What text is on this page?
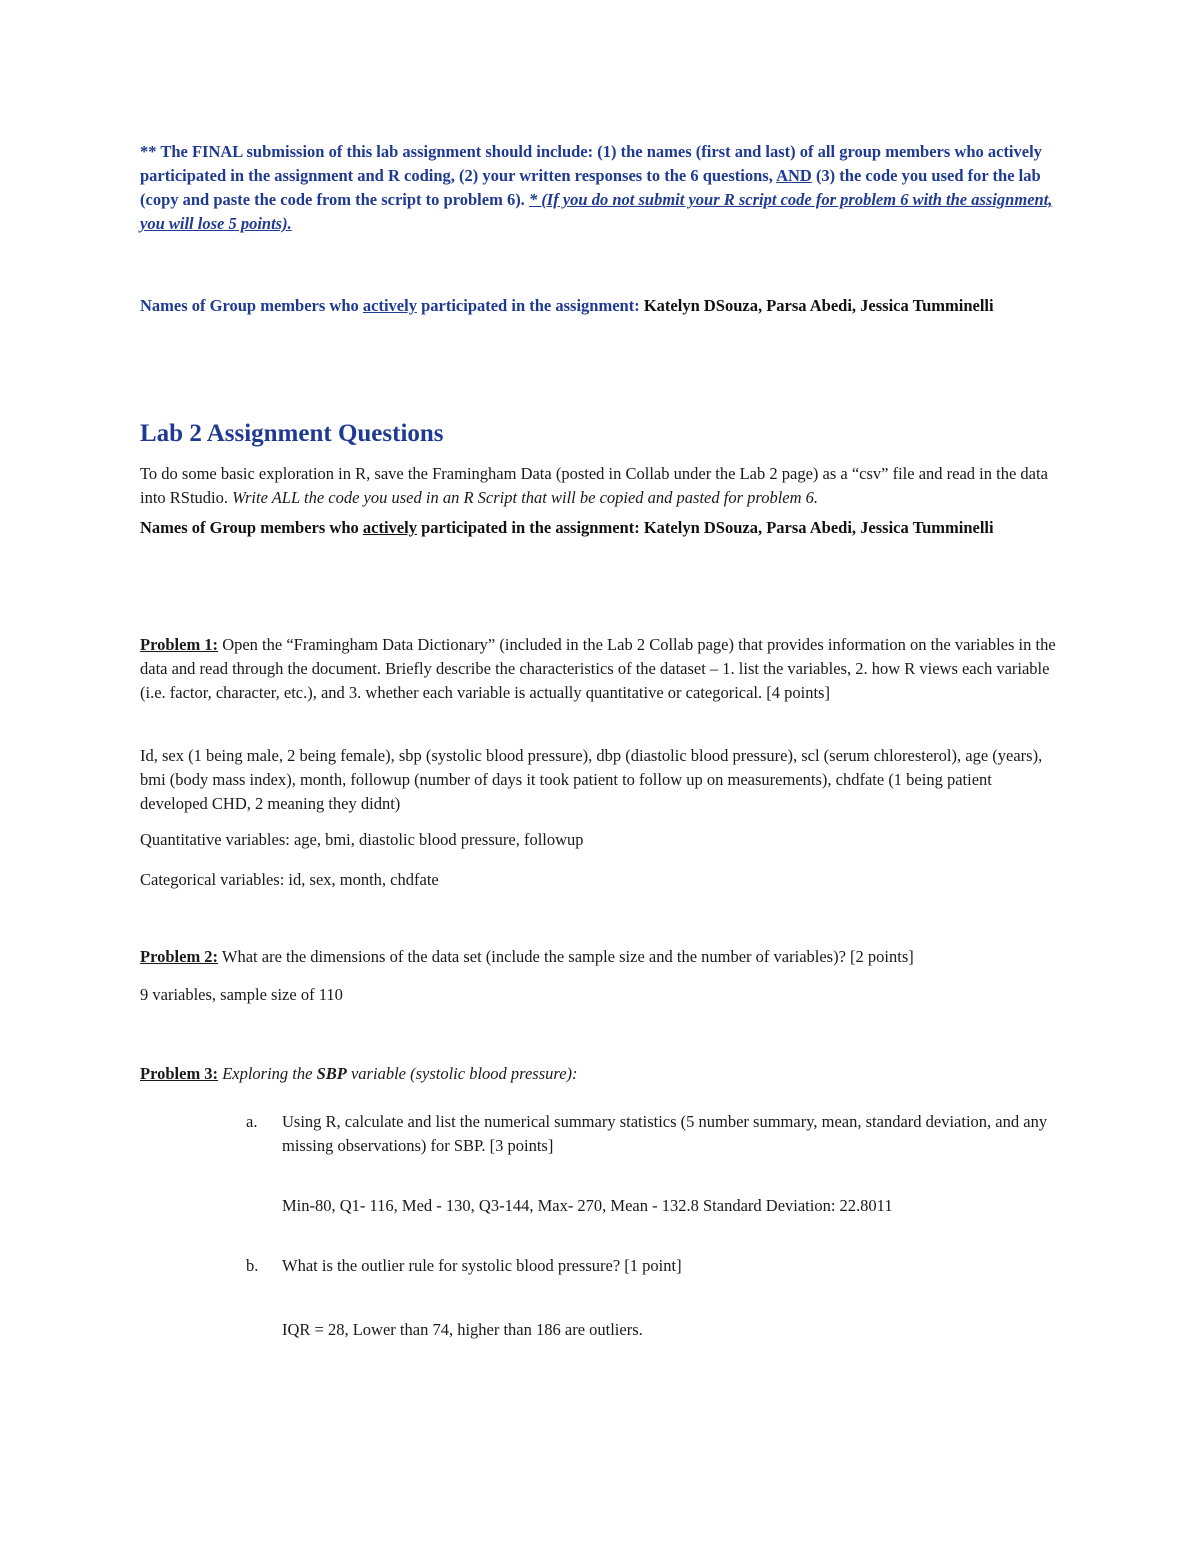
** The FINAL submission of this lab assignment should include: (1) the names (first and last) of all group members who actively participated in the assignment and R coding, (2) your written responses to the 6 questions, AND (3) the code you used for the lab (copy and paste the code from the script to problem 6). * (If you do not submit your R script code for problem 6 with the assignment, you will lose 5 points).
Names of Group members who actively participated in the assignment: Katelyn DSouza, Parsa Abedi, Jessica Tumminelli
Lab 2 Assignment Questions
To do some basic exploration in R, save the Framingham Data (posted in Collab under the Lab 2 page) as a “csv” file and read in the data into RStudio. Write ALL the code you used in an R Script that will be copied and pasted for problem 6.
Names of Group members who actively participated in the assignment: Katelyn DSouza, Parsa Abedi, Jessica Tumminelli
Problem 1: Open the “Framingham Data Dictionary” (included in the Lab 2 Collab page) that provides information on the variables in the data and read through the document. Briefly describe the characteristics of the dataset – 1. list the variables, 2. how R views each variable (i.e. factor, character, etc.), and 3. whether each variable is actually quantitative or categorical. [4 points]
Id, sex (1 being male, 2 being female), sbp (systolic blood pressure), dbp (diastolic blood pressure), scl (serum chloresterol), age (years), bmi (body mass index), month, followup (number of days it took patient to follow up on measurements), chdfate (1 being patient developed CHD, 2 meaning they didnt)
Quantitative variables: age, bmi, diastolic blood pressure, followup
Categorical variables: id, sex, month, chdfate
Problem 2: What are the dimensions of the data set (include the sample size and the number of variables)? [2 points]
9 variables, sample size of 110
Problem 3: Exploring the SBP variable (systolic blood pressure):
a. Using R, calculate and list the numerical summary statistics (5 number summary, mean, standard deviation, and any missing observations) for SBP. [3 points]
Min-80, Q1- 116, Med - 130, Q3-144, Max- 270, Mean - 132.8 Standard Deviation: 22.8011
b. What is the outlier rule for systolic blood pressure? [1 point]
IQR = 28, Lower than 74, higher than 186 are outliers.
